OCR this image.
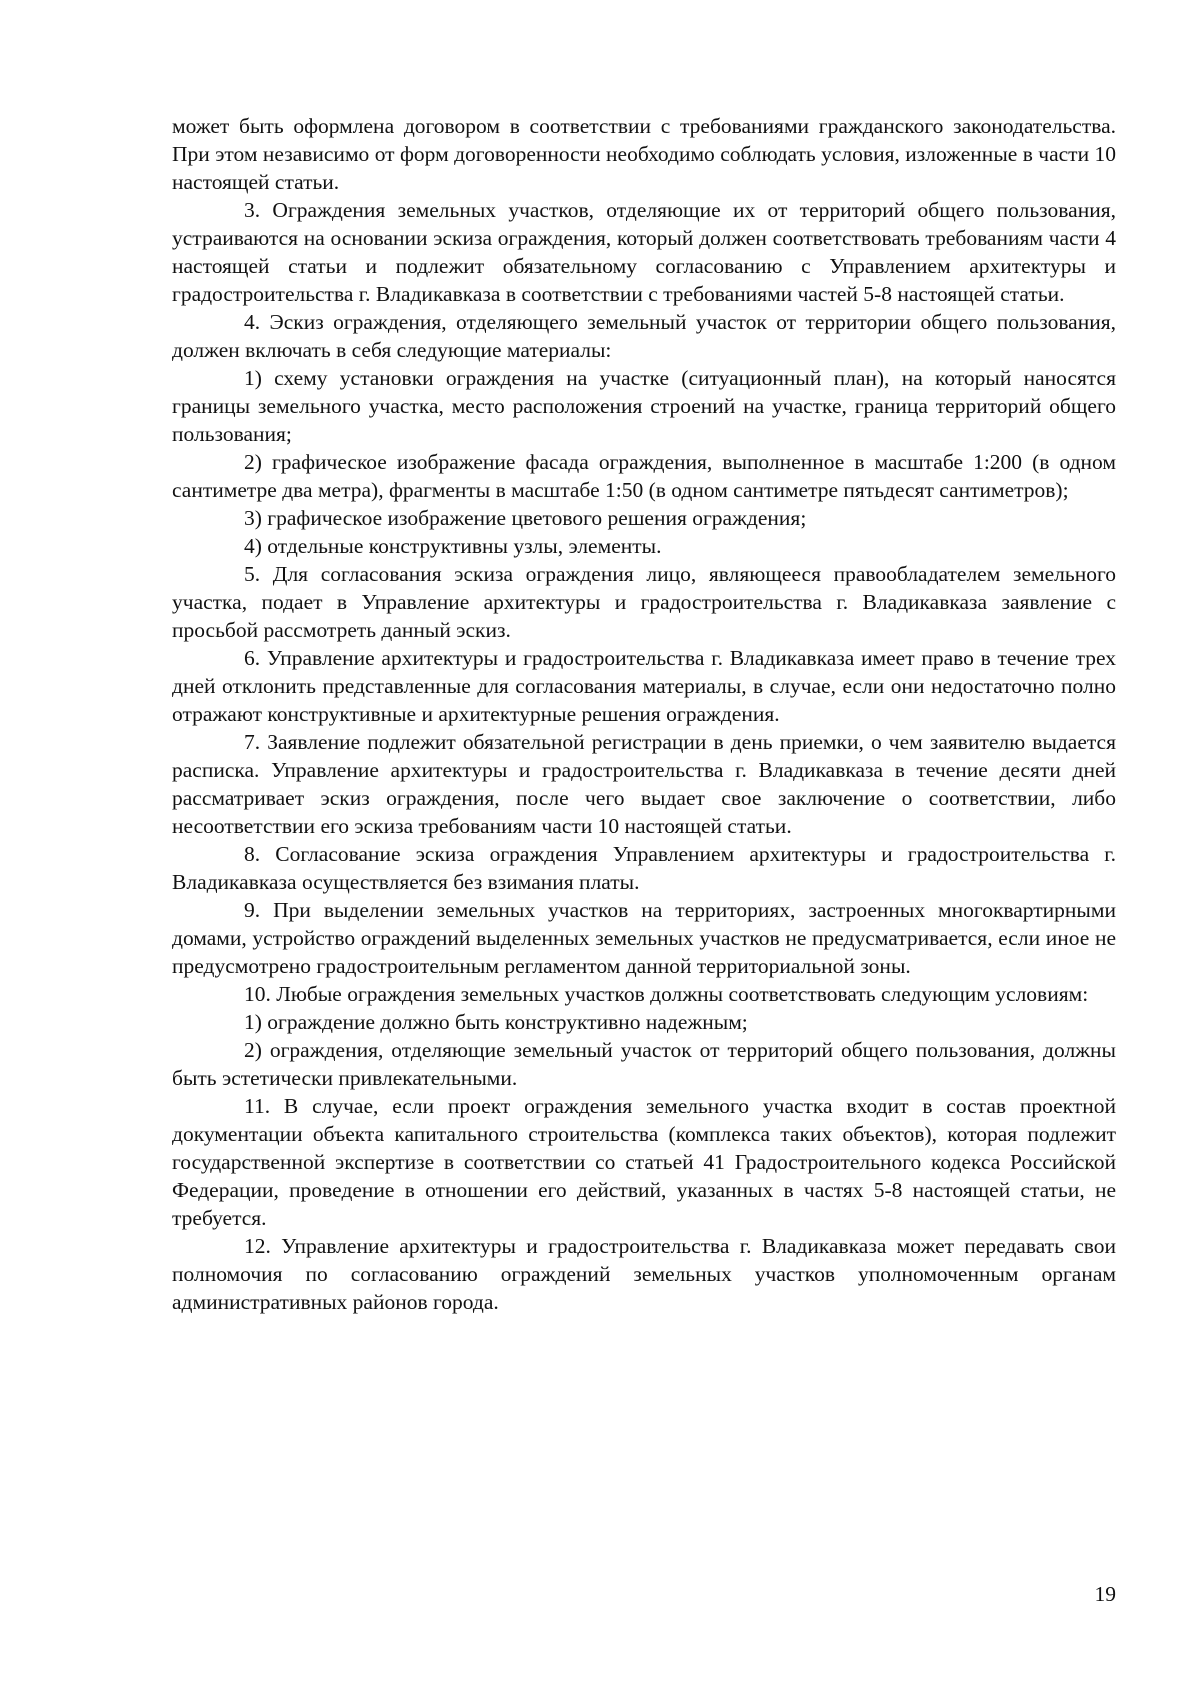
может быть оформлена договором в соответствии с требованиями гражданского законодательства. При этом независимо от форм договоренности необходимо соблюдать условия, изложенные в части 10 настоящей статьи.

3. Ограждения земельных участков, отделяющие их от территорий общего пользования, устраиваются на основании эскиза ограждения, который должен соответствовать требованиям части 4 настоящей статьи и подлежит обязательному согласованию с Управлением архитектуры и градостроительства г. Владикавказа в соответствии с требованиями частей 5-8 настоящей статьи.

4. Эскиз ограждения, отделяющего земельный участок от территории общего пользования, должен включать в себя следующие материалы:

1) схему установки ограждения на участке (ситуационный план), на который наносятся границы земельного участка, место расположения строений на участке, граница территорий общего пользования;

2) графическое изображение фасада ограждения, выполненное в масштабе 1:200 (в одном сантиметре два метра), фрагменты в масштабе 1:50 (в одном сантиметре пятьдесят сантиметров);

3) графическое изображение цветового решения ограждения;

4) отдельные конструктивны узлы, элементы.

5. Для согласования эскиза ограждения лицо, являющееся правообладателем земельного участка, подает в Управление архитектуры и градостроительства г. Владикавказа заявление с просьбой рассмотреть данный эскиз.

6. Управление архитектуры и градостроительства г. Владикавказа имеет право в течение трех дней отклонить представленные для согласования материалы, в случае, если они недостаточно полно отражают конструктивные и архитектурные решения ограждения.

7. Заявление подлежит обязательной регистрации в день приемки, о чем заявителю выдается расписка. Управление архитектуры и градостроительства г. Владикавказа в течение десяти дней рассматривает эскиз ограждения, после чего выдает свое заключение о соответствии, либо несоответствии его эскиза требованиям части 10 настоящей статьи.

8. Согласование эскиза ограждения Управлением архитектуры и градостроительства г. Владикавказа осуществляется без взимания платы.

9. При выделении земельных участков на территориях, застроенных многоквартирными домами, устройство ограждений выделенных земельных участков не предусматривается, если иное не предусмотрено градостроительным регламентом данной территориальной зоны.

10. Любые ограждения земельных участков должны соответствовать следующим условиям:

1) ограждение должно быть конструктивно надежным;

2) ограждения, отделяющие земельный участок от территорий общего пользования, должны быть эстетически привлекательными.

11. В случае, если проект ограждения земельного участка входит в состав проектной документации объекта капитального строительства (комплекса таких объектов), которая подлежит государственной экспертизе в соответствии со статьей 41 Градостроительного кодекса Российской Федерации, проведение в отношении его действий, указанных в частях 5-8 настоящей статьи, не требуется.

12. Управление архитектуры и градостроительства г. Владикавказа может передавать свои полномочия по согласованию ограждений земельных участков уполномоченным органам административных районов города.

19
